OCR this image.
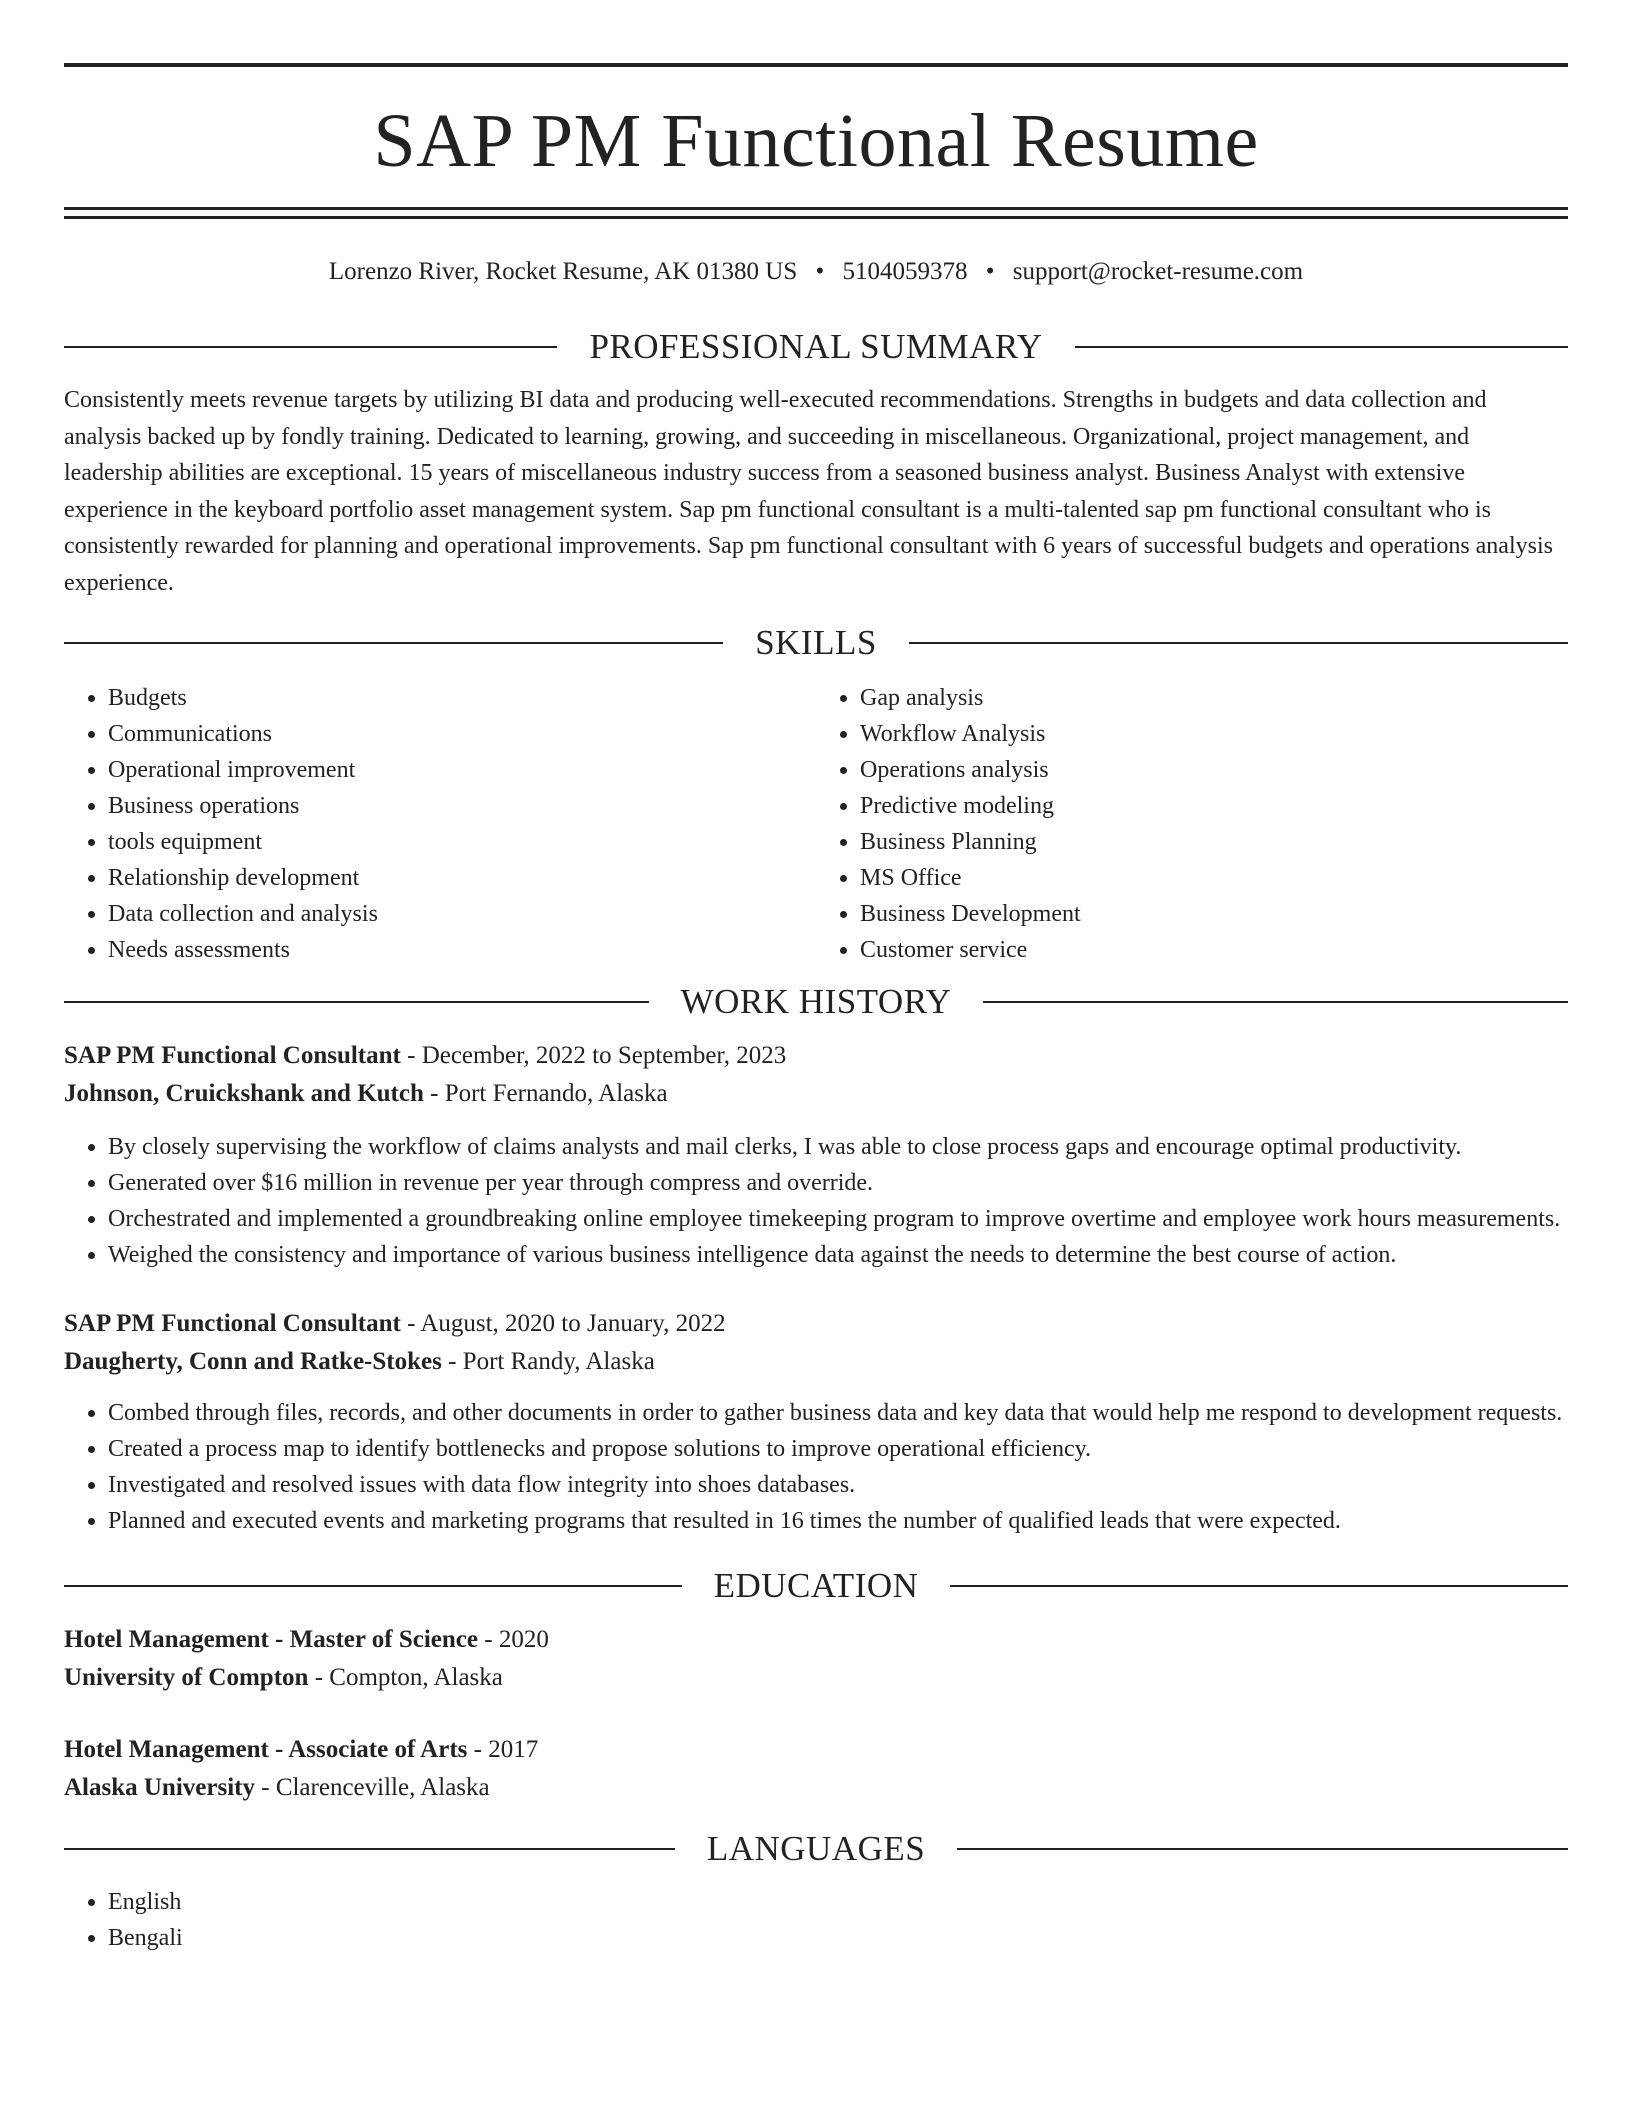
SAP PM Functional Resume
Lorenzo River, Rocket Resume, AK 01380 US • 5104059378 • support@rocket-resume.com
PROFESSIONAL SUMMARY

Consistently meets revenue targets by utilizing BI data and producing well-executed recommendations. Strengths in budgets and data collection and analysis backed up by fondly training. Dedicated to learning, growing, and succeeding in miscellaneous. Organizational, project management, and leadership abilities are exceptional. 15 years of miscellaneous industry success from a seasoned business analyst. Business Analyst with extensive experience in the keyboard portfolio asset management system. Sap pm functional consultant is a multi-talented sap pm functional consultant who is consistently rewarded for planning and operational improvements. Sap pm functional consultant with 6 years of successful budgets and operations analysis experience.

SKILLS
• Budgets
• Communications
• Operational improvement
• Business operations
• tools equipment
• Relationship development
• Data collection and analysis
• Needs assessments
• Gap analysis
• Workflow Analysis
• Operations analysis
• Predictive modeling
• Business Planning
• MS Office
• Business Development
• Customer service
WORK HISTORY
SAP PM Functional Consultant - December, 2022 to September, 2023
Johnson, Cruickshank and Kutch - Port Fernando, Alaska
• By closely supervising the workflow of claims analysts and mail clerks, I was able to close process gaps and encourage optimal productivity.
• Generated over $16 million in revenue per year through compress and override.
• Orchestrated and implemented a groundbreaking online employee timekeeping program to improve overtime and employee work hours measurements.
• Weighed the consistency and importance of various business intelligence data against the needs to determine the best course of action.
SAP PM Functional Consultant - August, 2020 to January, 2022
Daugherty, Conn and Ratke-Stokes - Port Randy, Alaska
• Combed through files, records, and other documents in order to gather business data and key data that would help me respond to development requests.
• Created a process map to identify bottlenecks and propose solutions to improve operational efficiency.
• Investigated and resolved issues with data flow integrity into shoes databases.
• Planned and executed events and marketing programs that resulted in 16 times the number of qualified leads that were expected.
EDUCATION
Hotel Management - Master of Science - 2020
University of Compton - Compton, Alaska
Hotel Management - Associate of Arts - 2017
Alaska University - Clarenceville, Alaska
LANGUAGES
• English
• Bengali
